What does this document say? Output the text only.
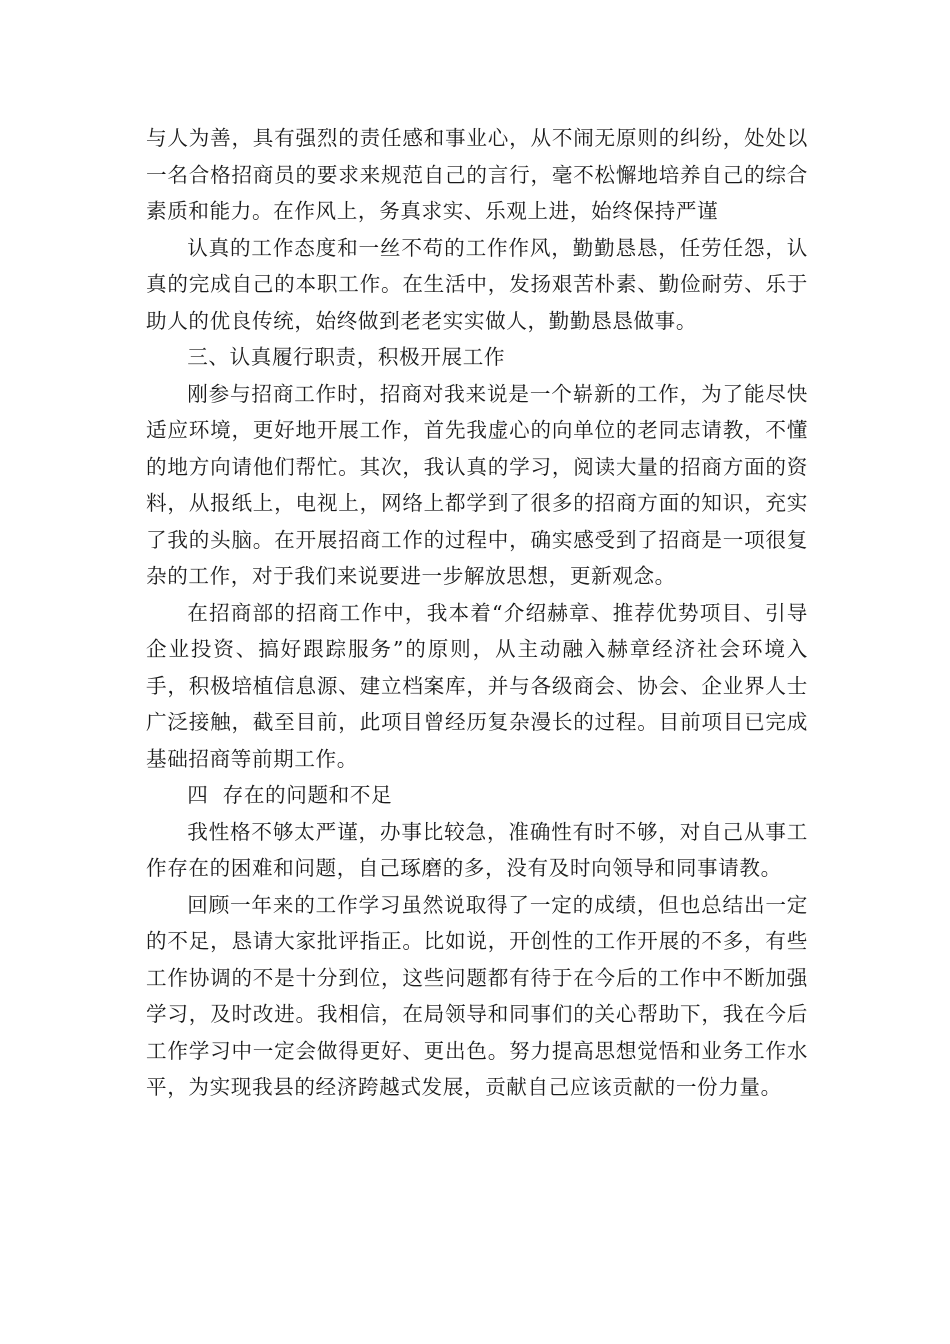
与人为善，具有强烈的责任感和事业心，从不闹无原则的纠纷，处处以一名合格招商员的要求来规范自己的言行，毫不松懈地培养自己的综合素质和能力。在作风上，务真求实、乐观上进，始终保持严谨

认真的工作态度和一丝不苟的工作作风，勤勤恳恳，任劳任怨，认真的完成自己的本职工作。在生活中，发扬艰苦朴素、勤俭耐劳、乐于助人的优良传统，始终做到老老实实做人，勤勤恳恳做事。

三、认真履行职责，积极开展工作

刚参与招商工作时，招商对我来说是一个崭新的工作，为了能尽快适应环境，更好地开展工作，首先我虚心的向单位的老同志请教，不懂的地方向请他们帮忙。其次，我认真的学习，阅读大量的招商方面的资料，从报纸上，电视上，网络上都学到了很多的招商方面的知识，充实了我的头脑。在开展招商工作的过程中，确实感受到了招商是一项很复杂的工作，对于我们来说要进一步解放思想，更新观念。

在招商部的招商工作中，我本着“介绍赫章、推荐优势项目、引导企业投资、搞好跟踪服务”的原则，从主动融入赫章经济社会环境入手，积极培植信息源、建立档案库，并与各级商会、协会、企业界人士广泛接触，截至目前，此项目曾经历复杂漫长的过程。目前项目已完成基础招商等前期工作。

四  存在的问题和不足

我性格不够太严谨，办事比较急，准确性有时不够，对自己从事工作存在的困难和问题，自己琢磨的多，没有及时向领导和同事请教。

回顾一年来的工作学习虽然说取得了一定的成绩，但也总结出一定的不足，恳请大家批评指正。比如说，开创性的工作开展的不多，有些工作协调的不是十分到位，这些问题都有待于在今后的工作中不断加强学习，及时改进。我相信，在局领导和同事们的关心帮助下，我在今后工作学习中一定会做得更好、更出色。努力提高思想觉悟和业务工作水平，为实现我县的经济跨越式发展，贡献自己应该贡献的一份力量。
